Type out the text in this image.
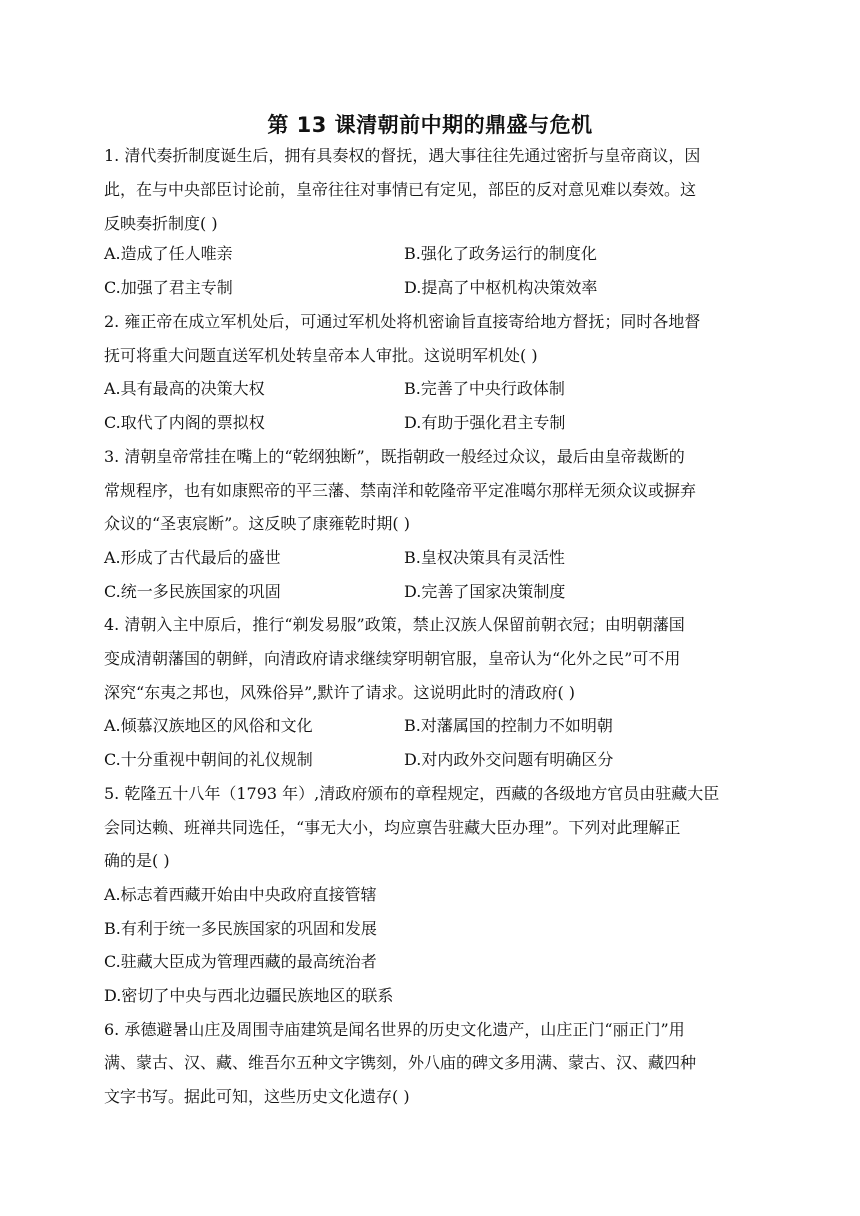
第 13 课清朝前中期的鼎盛与危机
1. 清代奏折制度诞生后，拥有具奏权的督抚，遇大事往往先通过密折与皇帝商议，因
此，在与中央部臣讨论前，皇帝往往对事情已有定见，部臣的反对意见难以奏效。这
反映奏折制度( )
A.造成了任人唯亲	B.强化了政务运行的制度化
C.加强了君主专制	D.提高了中枢机构决策效率
2. 雍正帝在成立军机处后，可通过军机处将机密谕旨直接寄给地方督抚；同时各地督
抚可将重大问题直送军机处转皇帝本人审批。这说明军机处( )
A.具有最高的决策大权	B.完善了中央行政体制
C.取代了内阁的票拟权	D.有助于强化君主专制
3. 清朝皇帝常挂在嘴上的“乾纲独断”，既指朝政一般经过众议，最后由皇帝裁断的
常规程序，也有如康熙帝的平三藩、禁南洋和乾隆帝平定准噶尔那样无须众议或摒弃
众议的“圣衷宸断”。这反映了康雍乾时期( )
A.形成了古代最后的盛世	B.皇权决策具有灵活性
C.统一多民族国家的巩固	D.完善了国家决策制度
4. 清朝入主中原后，推行“剃发易服”政策，禁止汉族人保留前朝衣冠；由明朝藩国
变成清朝藩国的朝鲜，向清政府请求继续穿明朝官服，皇帝认为“化外之民”可不用
深究“东夷之邦也，风殊俗异”,默许了请求。这说明此时的清政府( )
A.倾慕汉族地区的风俗和文化	B.对藩属国的控制力不如明朝
C.十分重视中朝间的礼仪规制	D.对内政外交问题有明确区分
5. 乾隆五十八年（1793 年）,清政府颁布的章程规定，西藏的各级地方官员由驻藏大臣
会同达赖、班禅共同选任，“事无大小，均应禀告驻藏大臣办理”。下列对此理解正
确的是( )
A.标志着西藏开始由中央政府直接管辖
B.有利于统一多民族国家的巩固和发展
C.驻藏大臣成为管理西藏的最高统治者
D.密切了中央与西北边疆民族地区的联系
6. 承德避暑山庄及周围寺庙建筑是闻名世界的历史文化遗产，山庄正门“丽正门”用
满、蒙古、汉、藏、维吾尔五种文字镌刻，外八庙的碑文多用满、蒙古、汉、藏四种
文字书写。据此可知，这些历史文化遗存( )
